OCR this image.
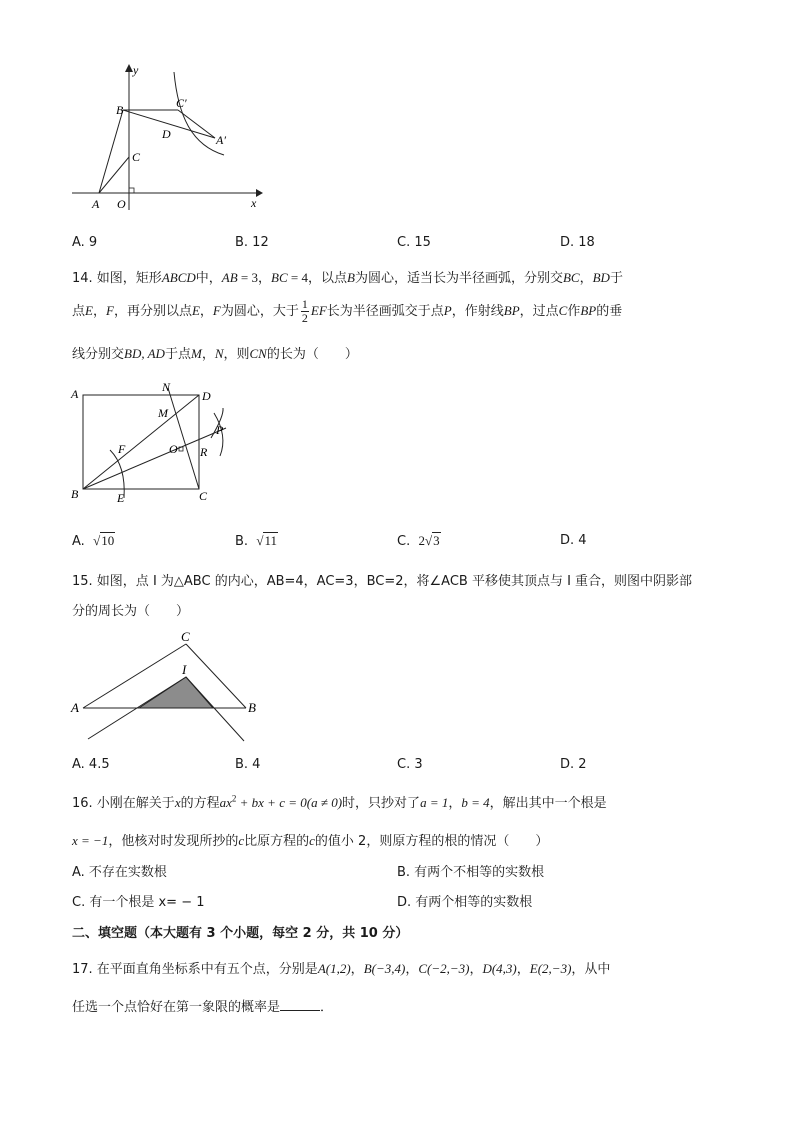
y
x
B	C′
D	A′
C
A O
A. 9	B. 12	C. 15	D. 18
14. 如图，矩形ABCD中，AB = 3，BC = 4，以点B为圆心，适当长为半径画弧，分别交BC，BD于
点E，F，再分别以点E，F为圆心，大于 $\frac{1}{2}$ EF长为半径画弧交于点P，作射线BP，过点C作BP的垂
线分别交BD, AD于点M，N，则CN的长为（　　）
A	N
D
M
P
F	O R
B	E	C
A. √10	B. √11	C. 2√3	D. 4
15. 如图，点 I 为△ABC 的内心，AB=4，AC=3，BC=2，将∠ACB 平移使其顶点与 I 重合，则图中阴影部
分的周长为（　　）
C
I
A	B
A. 4.5	B. 4	C. 3	D. 2
16. 小刚在解关于x的方程$ax^2$ + bx + c = 0(a ≠ 0)时，只抄对了a = 1，b = 4，解出其中一个根是
x = −1，他核对时发现所抄的c比原方程的c的值小 2，则原方程的根的情况（　　）
A. 不存在实数根	B. 有两个不相等的实数根
C. 有一个根是 x= − 1	D. 有两个相等的实数根
二、填空题（本大题有 3 个小题，每空 2 分，共 10 分）
17. 在平面直角坐标系中有五个点，分别是A(1,2)，B(−3,4)，C(−2,−3)，D(4,3)，E(2,−3)，从中
任选一个点恰好在第一象限的概率是	．
